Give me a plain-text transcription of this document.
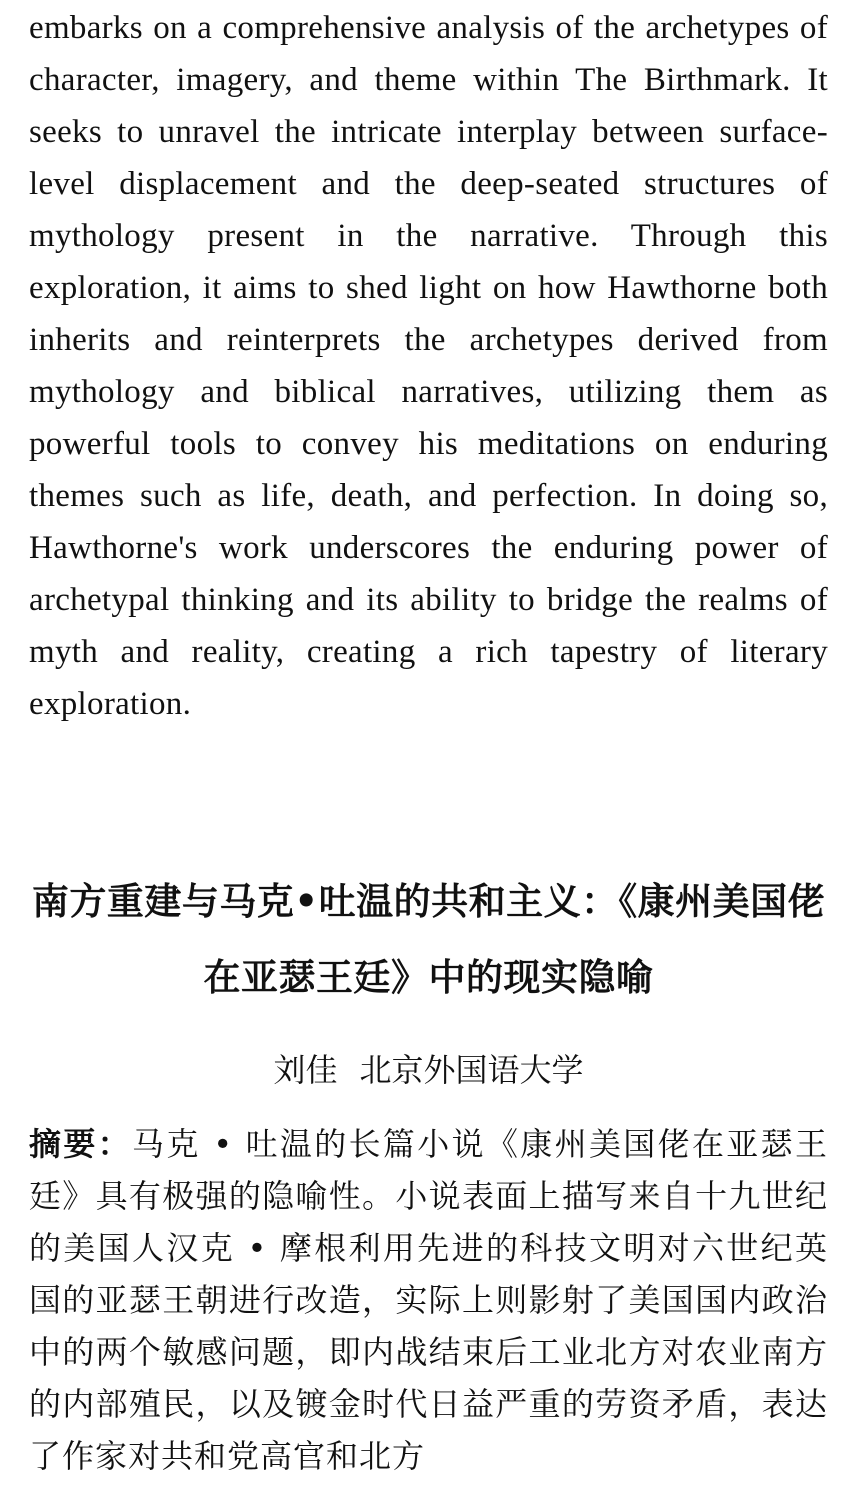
embarks on a comprehensive analysis of the archetypes of character, imagery, and theme within The Birthmark. It seeks to unravel the intricate interplay between surface-level displacement and the deep-seated structures of mythology present in the narrative. Through this exploration, it aims to shed light on how Hawthorne both inherits and reinterprets the archetypes derived from mythology and biblical narratives, utilizing them as powerful tools to convey his meditations on enduring themes such as life, death, and perfection. In doing so, Hawthorne's work underscores the enduring power of archetypal thinking and its ability to bridge the realms of myth and reality, creating a rich tapestry of literary exploration.

南方重建与马克•吐温的共和主义：《康州美国佬在亚瑟王廷》中的现实隐喻

刘佳 北京外国语大学

摘要：马克 • 吐温的长篇小说《康州美国佬在亚瑟王廷》具有极强的隐喻性。小说表面上描写来自十九世纪的美国人汉克 • 摩根利用先进的科技文明对六世纪英国的亚瑟王朝进行改造，实际上则影射了美国国内政治中的两个敏感问题，即内战结束后工业北方对农业南方的内部殖民，以及镀金时代日益严重的劳资矛盾，表达了作家对共和党高官和北方
